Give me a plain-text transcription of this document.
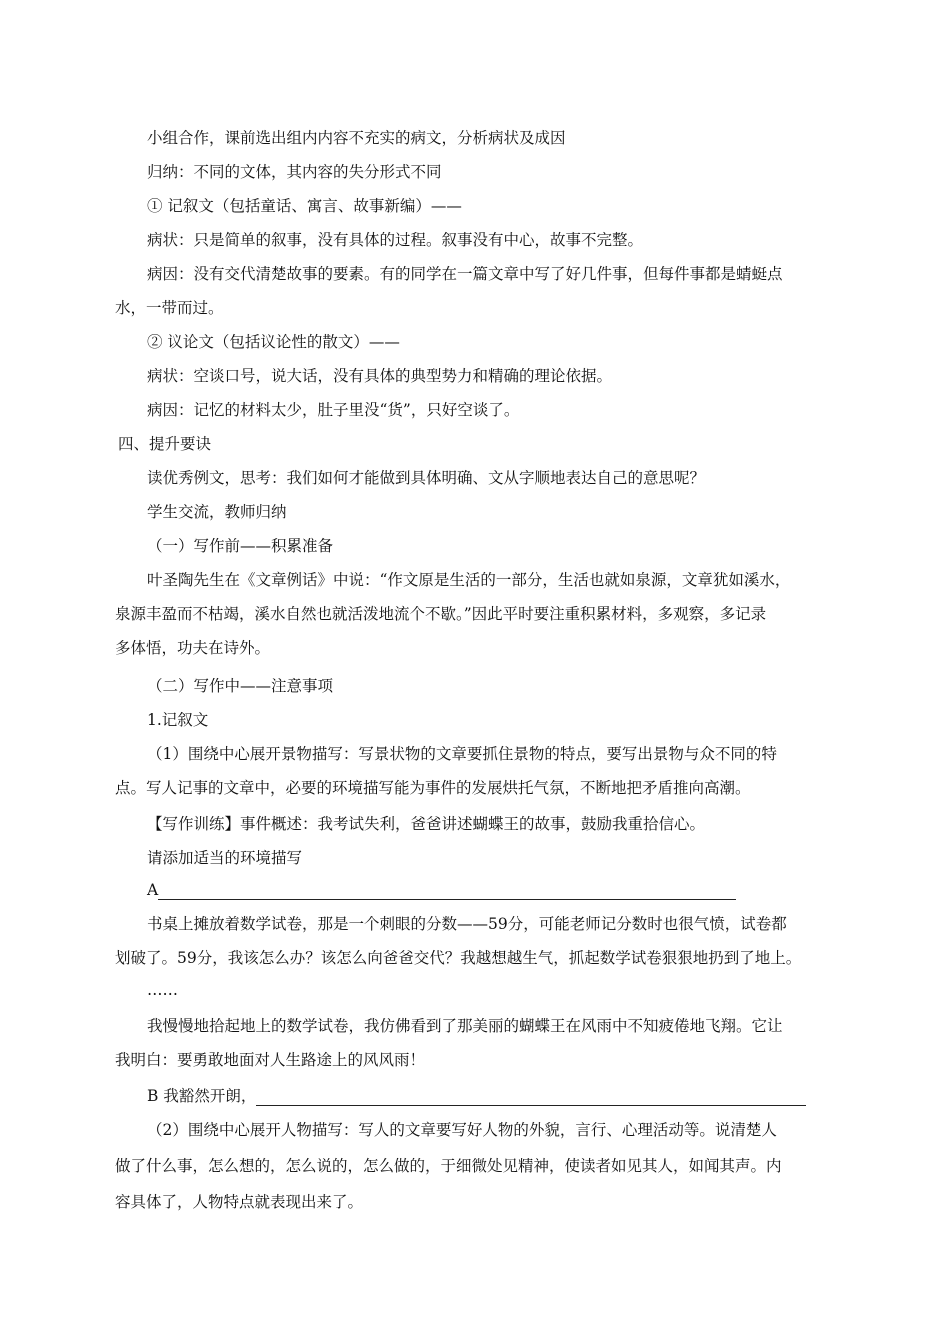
小组合作，课前选出组内内容不充实的病文，分析病状及成因
归纳：不同的文体，其内容的失分形式不同
① 记叙文（包括童话、寓言、故事新编）——
病状：只是简单的叙事，没有具体的过程。叙事没有中心，故事不完整。
病因：没有交代清楚故事的要素。有的同学在一篇文章中写了好几件事，但每件事都是蜻蜓点
水，一带而过。
② 议论文（包括议论性的散文）——
病状：空谈口号，说大话，没有具体的典型势力和精确的理论依据。
病因：记忆的材料太少，肚子里没“货”，只好空谈了。
四、提升要诀
读优秀例文，思考：我们如何才能做到具体明确、文从字顺地表达自己的意思呢？
学生交流，教师归纳
（一）写作前——积累准备
叶圣陶先生在《文章例话》中说：“作文原是生活的一部分，生活也就如泉源，文章犹如溪水，
泉源丰盈而不枯竭，溪水自然也就活泼地流个不歇。”因此平时要注重积累材料，多观察，多记录
多体悟，功夫在诗外。
（二）写作中——注意事项
1.记叙文
（1）围绕中心展开景物描写：写景状物的文章要抓住景物的特点，要写出景物与众不同的特
点。写人记事的文章中，必要的环境描写能为事件的发展烘托气氛，不断地把矛盾推向高潮。
【写作训练】事件概述：我考试失利，爸爸讲述蝴蝶王的故事，鼓励我重拾信心。
请添加适当的环境描写
A
书桌上摊放着数学试卷，那是一个刺眼的分数——59分，可能老师记分数时也很气愤，试卷都
划破了。59分，我该怎么办？该怎么向爸爸交代？我越想越生气，抓起数学试卷狠狠地扔到了地上。
……
我慢慢地拾起地上的数学试卷，我仿佛看到了那美丽的蝴蝶王在风雨中不知疲倦地飞翔。它让
我明白：要勇敢地面对人生路途上的风风雨！
B 我豁然开朗，
（2）围绕中心展开人物描写：写人的文章要写好人物的外貌，言行、心理活动等。说清楚人
做了什么事，怎么想的，怎么说的，怎么做的，于细微处见精神，使读者如见其人，如闻其声。内
容具体了，人物特点就表现出来了。
